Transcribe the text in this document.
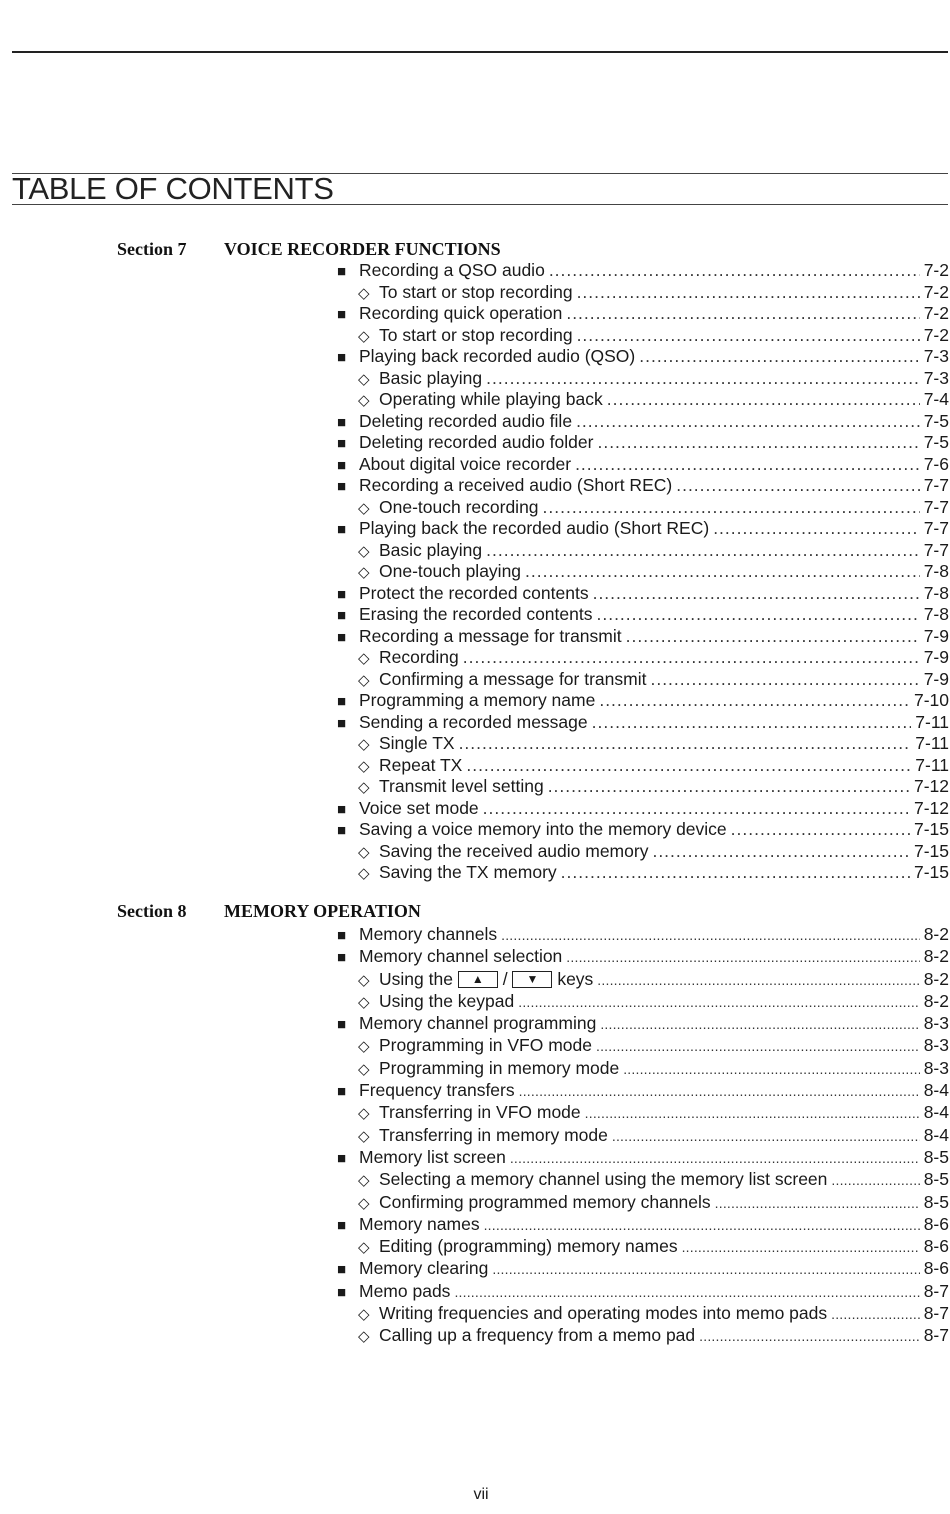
TABLE OF CONTENTS
Section 7 VOICE RECORDER FUNCTIONS
■ Recording a QSO audio .....	7-2
◇ To start or stop recording .....	7-2
■ Recording quick operation .....	7-2
◇ To start or stop recording .....	7-2
■ Playing back recorded audio (QSO) .....	7-3
◇ Basic playing .....	7-3
◇ Operating while playing back .....	7-4
■ Deleting recorded audio file .....	7-5
■ Deleting recorded audio folder .....	7-5
■ About digital voice recorder .....	7-6
■ Recording a received audio (Short REC) .....	7-7
◇ One-touch recording .....	7-7
■ Playing back the recorded audio (Short REC) .....	7-7
◇ Basic playing .....	7-7
◇ One-touch playing .....	7-8
■ Protect the recorded contents .....	7-8
■ Erasing the recorded contents .....	7-8
■ Recording a message for transmit .....	7-9
◇ Recording .....	7-9
◇ Confirming a message for transmit .....	7-9
■ Programming a memory name .....	7-10
■ Sending a recorded message .....	7-11
◇ Single TX .....	7-11
◇ Repeat TX .....	7-11
◇ Transmit level setting .....	7-12
■ Voice set mode .....	7-12
■ Saving a voice memory into the memory device .....	7-15
◇ Saving the received audio memory .....	7-15
◇ Saving the TX memory .....	7-15
Section 8 MEMORY OPERATION
■ Memory channels .....	8-2
■ Memory channel selection .....	8-2
◇ Using the ▲ / ▼ keys .....	8-2
◇ Using the keypad .....	8-2
■ Memory channel programming .....	8-3
◇ Programming in VFO mode .....	8-3
◇ Programming in memory mode .....	8-3
■ Frequency transfers .....	8-4
◇ Transferring in VFO mode .....	8-4
◇ Transferring in memory mode .....	8-4
■ Memory list screen .....	8-5
◇ Selecting a memory channel using the memory list screen .....	8-5
◇ Confirming programmed memory channels .....	8-5
■ Memory names .....	8-6
◇ Editing (programming) memory names .....	8-6
■ Memory clearing .....	8-6
■ Memo pads .....	8-7
◇ Writing frequencies and operating modes into memo pads .....	8-7
◇ Calling up a frequency from a memo pad .....	8-7
vii
